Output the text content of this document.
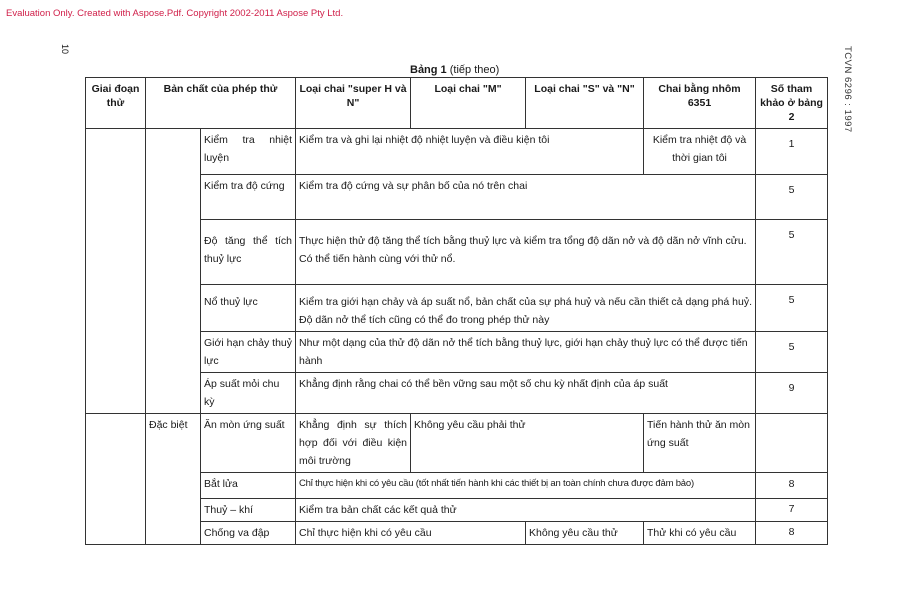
Evaluation Only. Created with Aspose.Pdf. Copyright 2002-2011 Aspose Pty Ltd.
10	TCVN 6296 : 1997
Bảng 1 (tiếp theo)
Giai đoạn thử	Bản chất của phép thử		Loại chai "super H và N"	Loại chai "M"	Loại chai "S" và "N"	Chai bằng nhôm 6351	Số tham khảo ở bảng 2
		Kiểm tra nhiệt luyện	Kiểm tra và ghi lại nhiệt độ nhiệt luyện và điều kiện tôi			Kiểm tra nhiệt độ và thời gian tôi	1
		Kiểm tra độ cứng	Kiểm tra độ cứng và sự phân bố của nó trên chai				5
		Độ tăng thể tích thuỷ lực	Thực hiện thử độ tăng thể tích bằng thuỷ lực và kiểm tra tổng độ dãn nở và độ dãn nở vĩnh cửu. Có thể tiến hành cùng với thử nổ.				5
		Nổ thuỷ lực	Kiểm tra giới hạn chảy và áp suất nổ, bản chất của sự phá huỷ và nếu cần thiết cả dạng phá huỷ. Độ dãn nở thể tích cũng có thể đo trong phép thử này				5
		Giới hạn chảy thuỷ lực	Như một dạng của thử độ dãn nở thể tích bằng thuỷ lực, giới hạn chảy thuỷ lực có thể được tiến hành				5
		Áp suất mỏi chu kỳ	Khẳng định rằng chai có thể bền vững sau một số chu kỳ nhất định của áp suất				9
	Đặc biệt	Ăn mòn ứng suất	Khẳng định sự thích hợp đối với điều kiện môi trường	Không yêu cầu phải thử		Tiến hành thử ăn mòn ứng suất	
		Bắt lửa	Chỉ thực hiện khi có yêu cầu (tốt nhất tiến hành khi các thiết bị an toàn chính chưa được đảm bảo)				8
		Thuỷ – khí	Kiểm tra bản chất các kết quả thử				7
		Chống va đập	Chỉ thực hiện khi có yêu cầu		Không yêu cầu thử	Thử khi có yêu cầu	8
